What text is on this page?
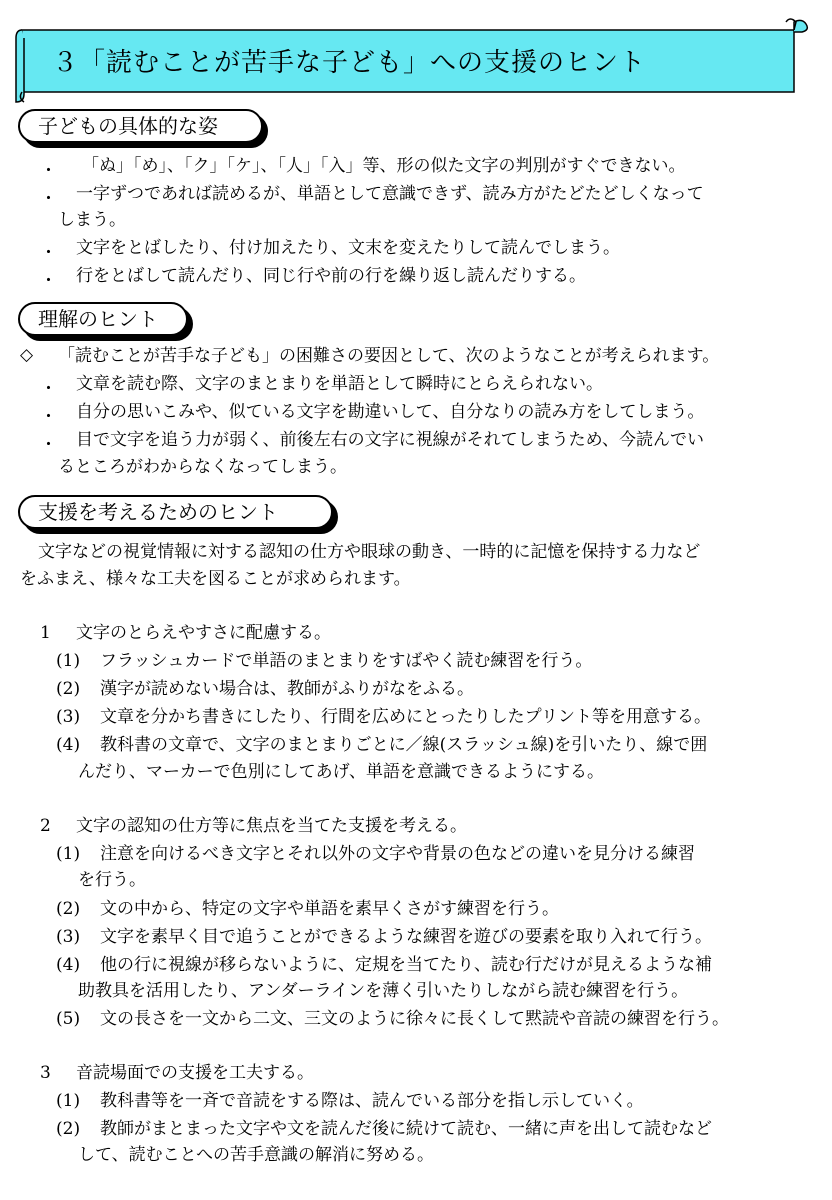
３「読むことが苦手な子ども」への支援のヒント
子どもの具体的な姿
・ 「ぬ」「め」、「ク」「ケ」、「人」「入」等、形の似た文字の判別がすぐできない。
・ 一字ずつであれば読めるが、単語として意識できず、読み方がたどたどしくなって
しまう。
・ 文字をとばしたり、付け加えたり、文末を変えたりして読んでしまう。
・ 行をとばして読んだり、同じ行や前の行を繰り返し読んだりする。
理解のヒント
◇ 「読むことが苦手な子ども」の困難さの要因として、次のようなことが考えられます。
・ 文章を読む際、文字のまとまりを単語として瞬時にとらえられない。
・ 自分の思いこみや、似ている文字を勘違いして、自分なりの読み方をしてしまう。
・ 目で文字を追う力が弱く、前後左右の文字に視線がそれてしまうため、今読んでい
るところがわからなくなってしまう。
支援を考えるためのヒント
文字などの視覚情報に対する認知の仕方や眼球の動き、一時的に記憶を保持する力など
をふまえ、様々な工夫を図ることが求められます。
1 文字のとらえやすさに配慮する。
(1) フラッシュカードで単語のまとまりをすばやく読む練習を行う。
(2) 漢字が読めない場合は、教師がふりがなをふる。
(3) 文章を分かち書きにしたり、行間を広めにとったりしたプリント等を用意する。
(4) 教科書の文章で、文字のまとまりごとに／線(スラッシュ線)を引いたり、線で囲
んだり、マーカーで色別にしてあげ、単語を意識できるようにする。
2 文字の認知の仕方等に焦点を当てた支援を考える。
(1) 注意を向けるべき文字とそれ以外の文字や背景の色などの違いを見分ける練習
を行う。
(2) 文の中から、特定の文字や単語を素早くさがす練習を行う。
(3) 文字を素早く目で追うことができるような練習を遊びの要素を取り入れて行う。
(4) 他の行に視線が移らないように、定規を当てたり、読む行だけが見えるような補
助教具を活用したり、アンダーラインを薄く引いたりしながら読む練習を行う。
(5) 文の長さを一文から二文、三文のように徐々に長くして黙読や音読の練習を行う。
3 音読場面での支援を工夫する。
(1) 教科書等を一斉で音読をする際は、読んでいる部分を指し示していく。
(2) 教師がまとまった文字や文を読んだ後に続けて読む、一緒に声を出して読むなど
して、読むことへの苦手意識の解消に努める。
